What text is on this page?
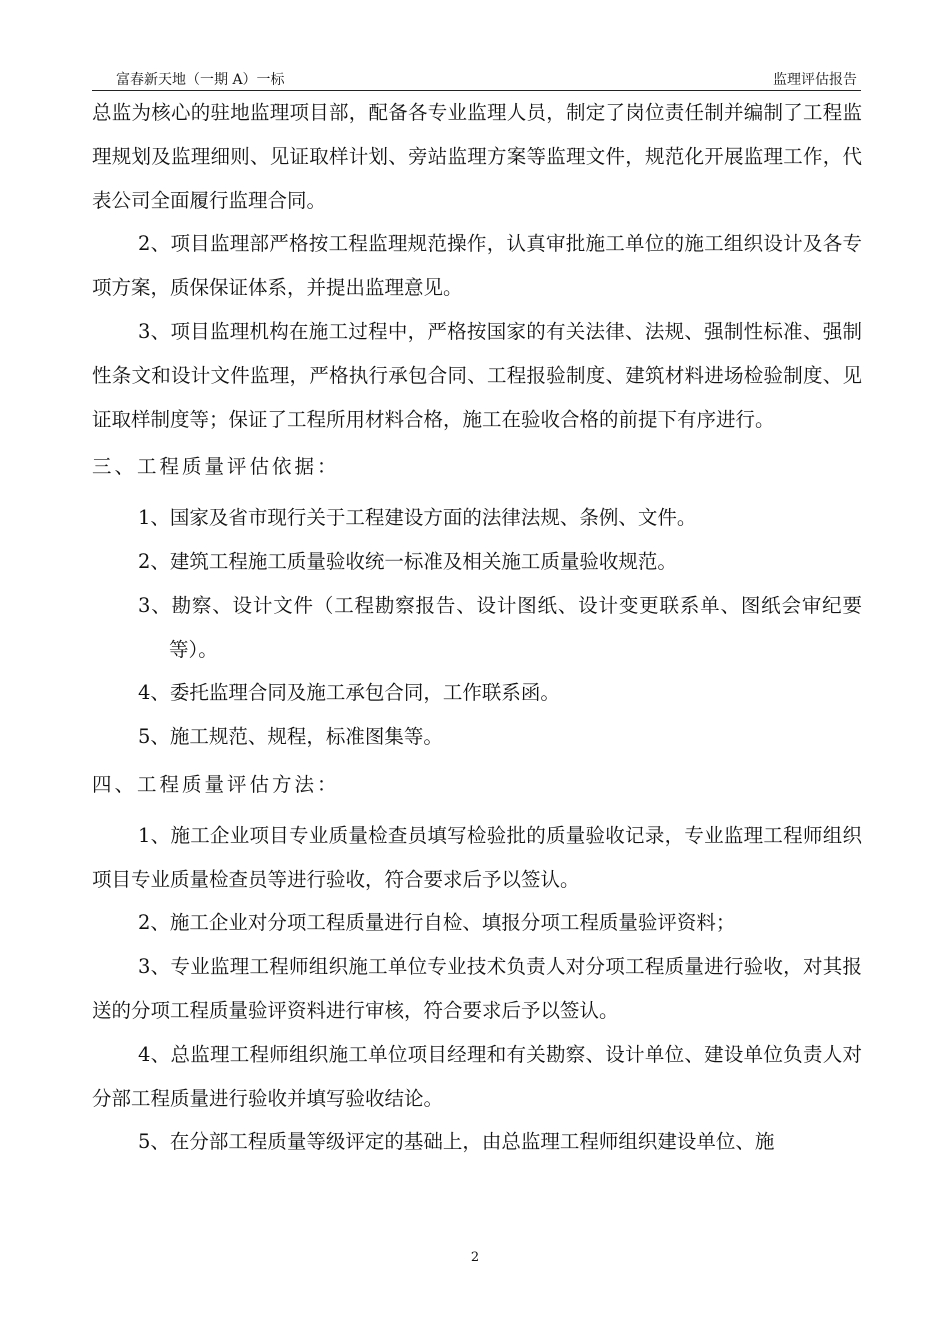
富春新天地（一期 A）一标	监理评估报告

总监为核心的驻地监理项目部，配备各专业监理人员，制定了岗位责任制并编制了工程监理规划及监理细则、见证取样计划、旁站监理方案等监理文件，规范化开展监理工作，代表公司全面履行监理合同。

2、项目监理部严格按工程监理规范操作，认真审批施工单位的施工组织设计及各专项方案，质保保证体系，并提出监理意见。

3、项目监理机构在施工过程中，严格按国家的有关法律、法规、强制性标准、强制性条文和设计文件监理，严格执行承包合同、工程报验制度、建筑材料进场检验制度、见证取样制度等；保证了工程所用材料合格，施工在验收合格的前提下有序进行。

三、工程质量评估依据：

1、国家及省市现行关于工程建设方面的法律法规、条例、文件。

2、建筑工程施工质量验收统一标准及相关施工质量验收规范。

3、勘察、设计文件（工程勘察报告、设计图纸、设计变更联系单、图纸会审纪要等）。

4、委托监理合同及施工承包合同，工作联系函。

5、施工规范、规程，标准图集等。

四、工程质量评估方法：

1、施工企业项目专业质量检查员填写检验批的质量验收记录，专业监理工程师组织项目专业质量检查员等进行验收，符合要求后予以签认。

2、施工企业对分项工程质量进行自检、填报分项工程质量验评资料；

3、专业监理工程师组织施工单位专业技术负责人对分项工程质量进行验收，对其报送的分项工程质量验评资料进行审核，符合要求后予以签认。

4、总监理工程师组织施工单位项目经理和有关勘察、设计单位、建设单位负责人对分部工程质量进行验收并填写验收结论。

5、在分部工程质量等级评定的基础上，由总监理工程师组织建设单位、施

2
